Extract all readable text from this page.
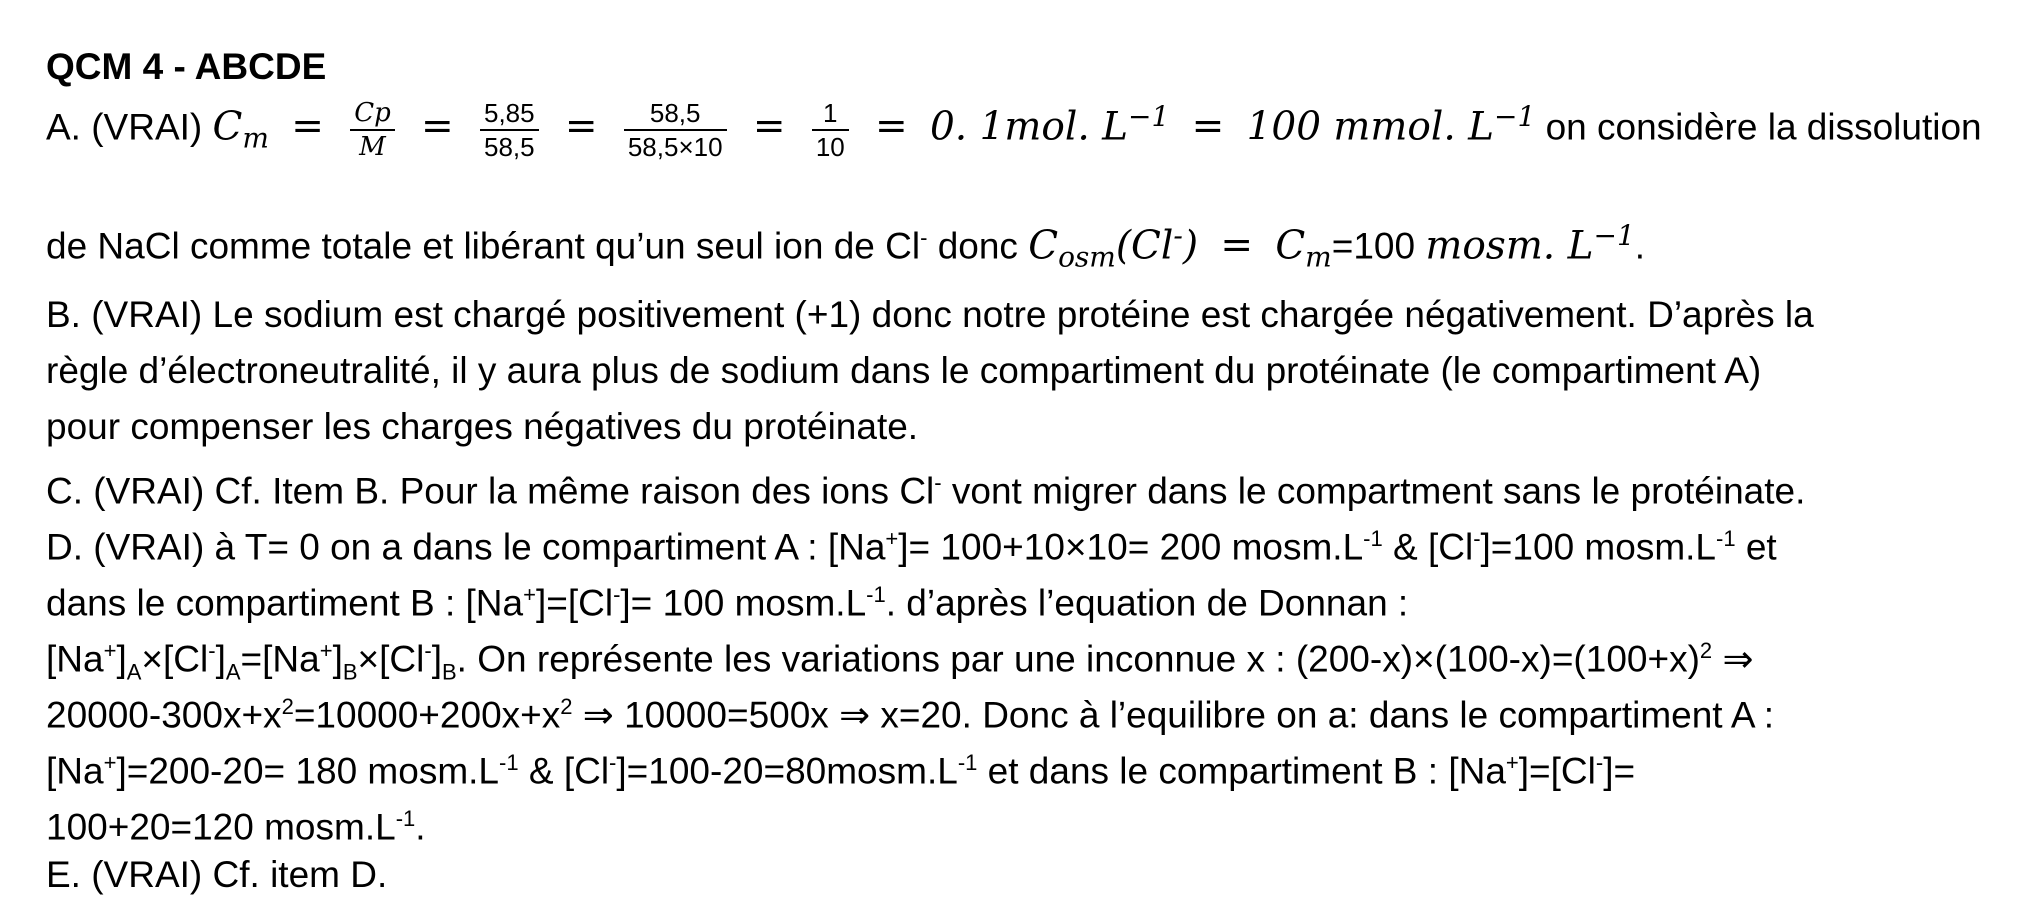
QCM 4 - ABCDE
A. (VRAI) $C_m = \frac{Cp}{M} = \frac{5,85}{58,5} = \frac{58,5}{58,5\times 10} = \frac{1}{10} = 0$. 1mol. $L^{-1} = 100$ mmol. $L^{-1}$ on considère la dissolution
de NaCl comme totale et libérant qu’un seul ion de Cl- donc $C_{osm}(Cl^-) = C_m=100$ mosm. $L^{-1}$.
B. (VRAI) Le sodium est chargé positivement (+1) donc notre protéine est chargée négativement. D’après la
règle d’électroneutralité, il y aura plus de sodium dans le compartiment du protéinate (le compartiment A)
pour compenser les charges négatives du protéinate.
C. (VRAI) Cf. Item B. Pour la même raison des ions Cl- vont migrer dans le compartment sans le protéinate.
D. (VRAI) à T= 0 on a dans le compartiment A : [Na+]= 100+10×10= 200 $mosm.L^{-1}$ & [Cl-]=100 $mosm.L^{-1}$ et
dans le compartiment B : [Na+]=[Cl-]= 100 $mosm.L^{-1}$. d’après l’equation de Donnan :
$[Na^+]_A\times[Cl^-]_A=[Na^+]_B\times[Cl^-]_B$. On représente les variations par une inconnue x : $(200-x)\times(100-x)=(100+x)^2$ ⇒
$20000-300x+x^2=10000+200x+x^2$ ⇒ 10000=500x ⇒ x=20. Donc à l’equilibre on a: dans le compartiment A :
[Na+]=200-20= 180 $mosm.L^{-1}$ & $[Cl^-]=100-20=80mosm.L^{-1}$ et dans le compartiment B : [Na+]=[Cl-]=
100+20=120 $mosm.L^{-1}$.
E. (VRAI) Cf. item D.
